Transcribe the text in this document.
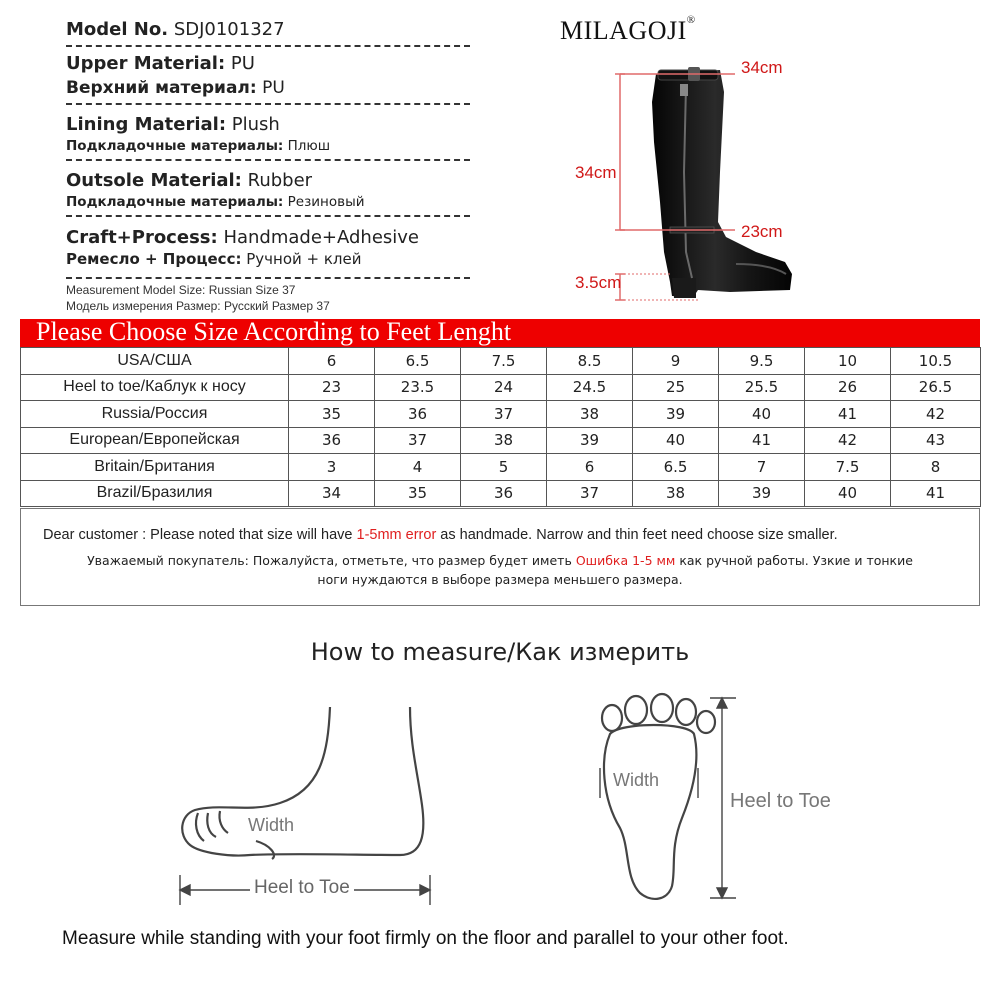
Model No. SDJ0101327
Upper Material: PU
Верхний материал: PU
Lining Material: Plush
Подкладочные материалы: Плюш
Outsole Material: Rubber
Подкладочные материалы: Резиновый
Craft+Process: Handmade+Adhesive
Ремесло + Процесс: Ручной + клей
Measurement Model Size: Russian Size 37
Модель измерения Размер: Русский Размер 37
MILAGOJI®
34cm
34cm
23cm
3.5cm
Please Choose Size According to Feet Lenght
USA/СШA	6	6.5	7.5	8.5	9	9.5	10	10.5
Heel to toe/Каблук к носу	23	23.5	24	24.5	25	25.5	26	26.5
Russia/Россия	35	36	37	38	39	40	41	42
European/Европейская	36	37	38	39	40	41	42	43
Britain/Британия	3	4	5	6	6.5	7	7.5	8
Brazil/Бразилия	34	35	36	37	38	39	40	41
Dear customer : Please noted that size will have 1-5mm error as handmade. Narrow and thin feet need choose size smaller.
Уважаемый покупатель: Пожалуйста, отметьте, что размер будет иметь Ошибка 1-5 мм как ручной работы. Узкие и тонкие
ноги нуждаются в выборе размера меньшего размера.
How to measure/Как измерить
Width
Heel to Toe
Width
Heel to Toe
Measure while standing with your foot firmly on the floor and parallel to your other foot.
